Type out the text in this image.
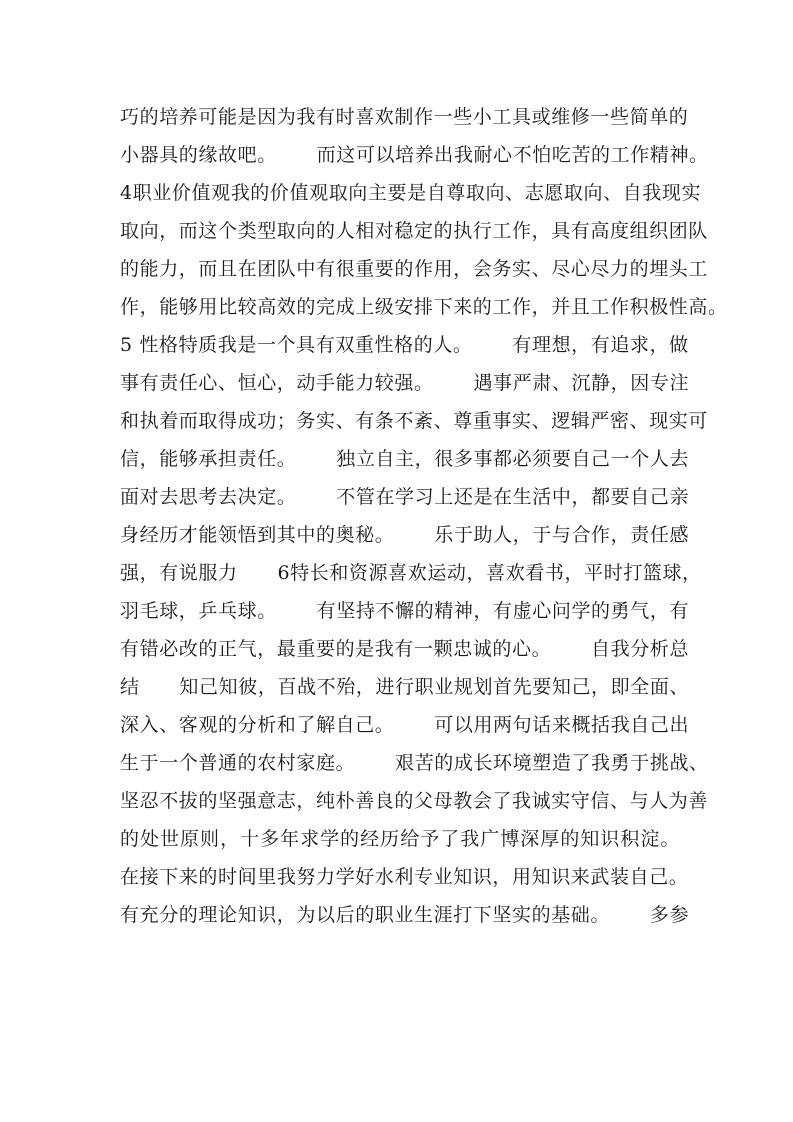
巧的培养可能是因为我有时喜欢制作一些小工具或维修一些简单的
小器具的缘故吧。      而这可以培养出我耐心不怕吃苦的工作精神。
4职业价值观我的价值观取向主要是自尊取向、志愿取向、自我现实
取向，而这个类型取向的人相对稳定的执行工作，具有高度组织团队
的能力，而且在团队中有很重要的作用，会务实、尽心尽力的埋头工
作，能够用比较高效的完成上级安排下来的工作，并且工作积极性高。
5 性格特质我是一个具有双重性格的人。      有理想，有追求，做
事有责任心、恒心，动手能力较强。      遇事严肃、沉静，因专注
和执着而取得成功；务实、有条不紊、尊重事实、逻辑严密、现实可
信，能够承担责任。      独立自主，很多事都必须要自己一个人去
面对去思考去决定。      不管在学习上还是在生活中，都要自己亲
身经历才能领悟到其中的奥秘。      乐于助人，于与合作，责任感
强，有说服力      6特长和资源喜欢运动，喜欢看书，平时打篮球，
羽毛球，乒乓球。      有坚持不懈的精神，有虚心问学的勇气，有
有错必改的正气，最重要的是我有一颗忠诚的心。      自我分析总
结      知己知彼，百战不殆，进行职业规划首先要知己，即全面、
深入、客观的分析和了解自己。      可以用两句话来概括我自己出
生于一个普通的农村家庭。      艰苦的成长环境塑造了我勇于挑战、
坚忍不拔的坚强意志，纯朴善良的父母教会了我诚实守信、与人为善
的处世原则，十多年求学的经历给予了我广博深厚的知识积淀。
在接下来的时间里我努力学好水利专业知识，用知识来武装自己。
有充分的理论知识，为以后的职业生涯打下坚实的基础。      多参
